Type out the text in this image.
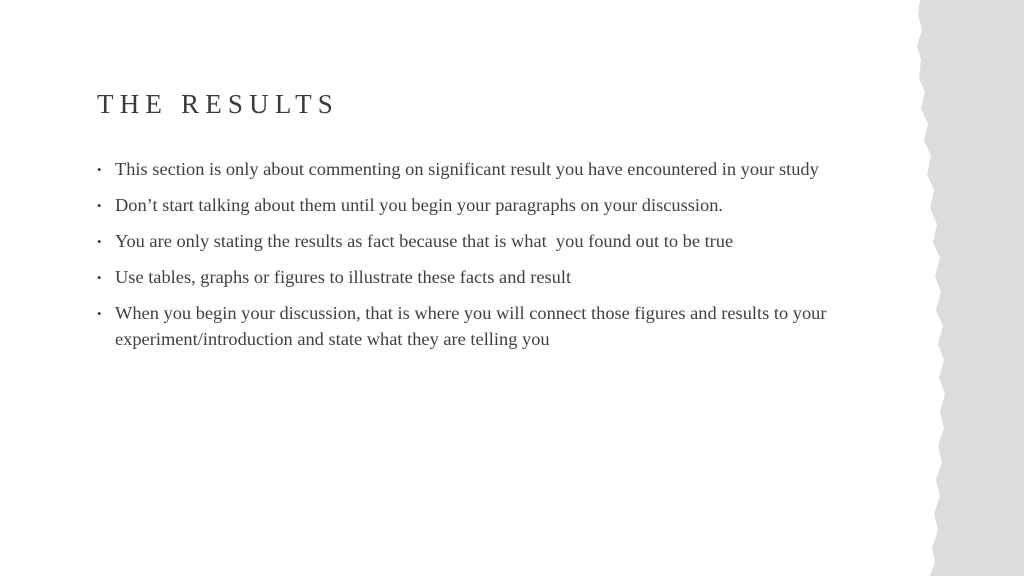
THE RESULTS
• This section is only about commenting on significant result you have encountered in your study
• Don’t start talking about them until you begin your paragraphs on your discussion.
• You are only stating the results as fact because that is what  you found out to be true
• Use tables, graphs or figures to illustrate these facts and result
• When you begin your discussion, that is where you will connect those figures and results to your experiment/introduction and state what they are telling you
